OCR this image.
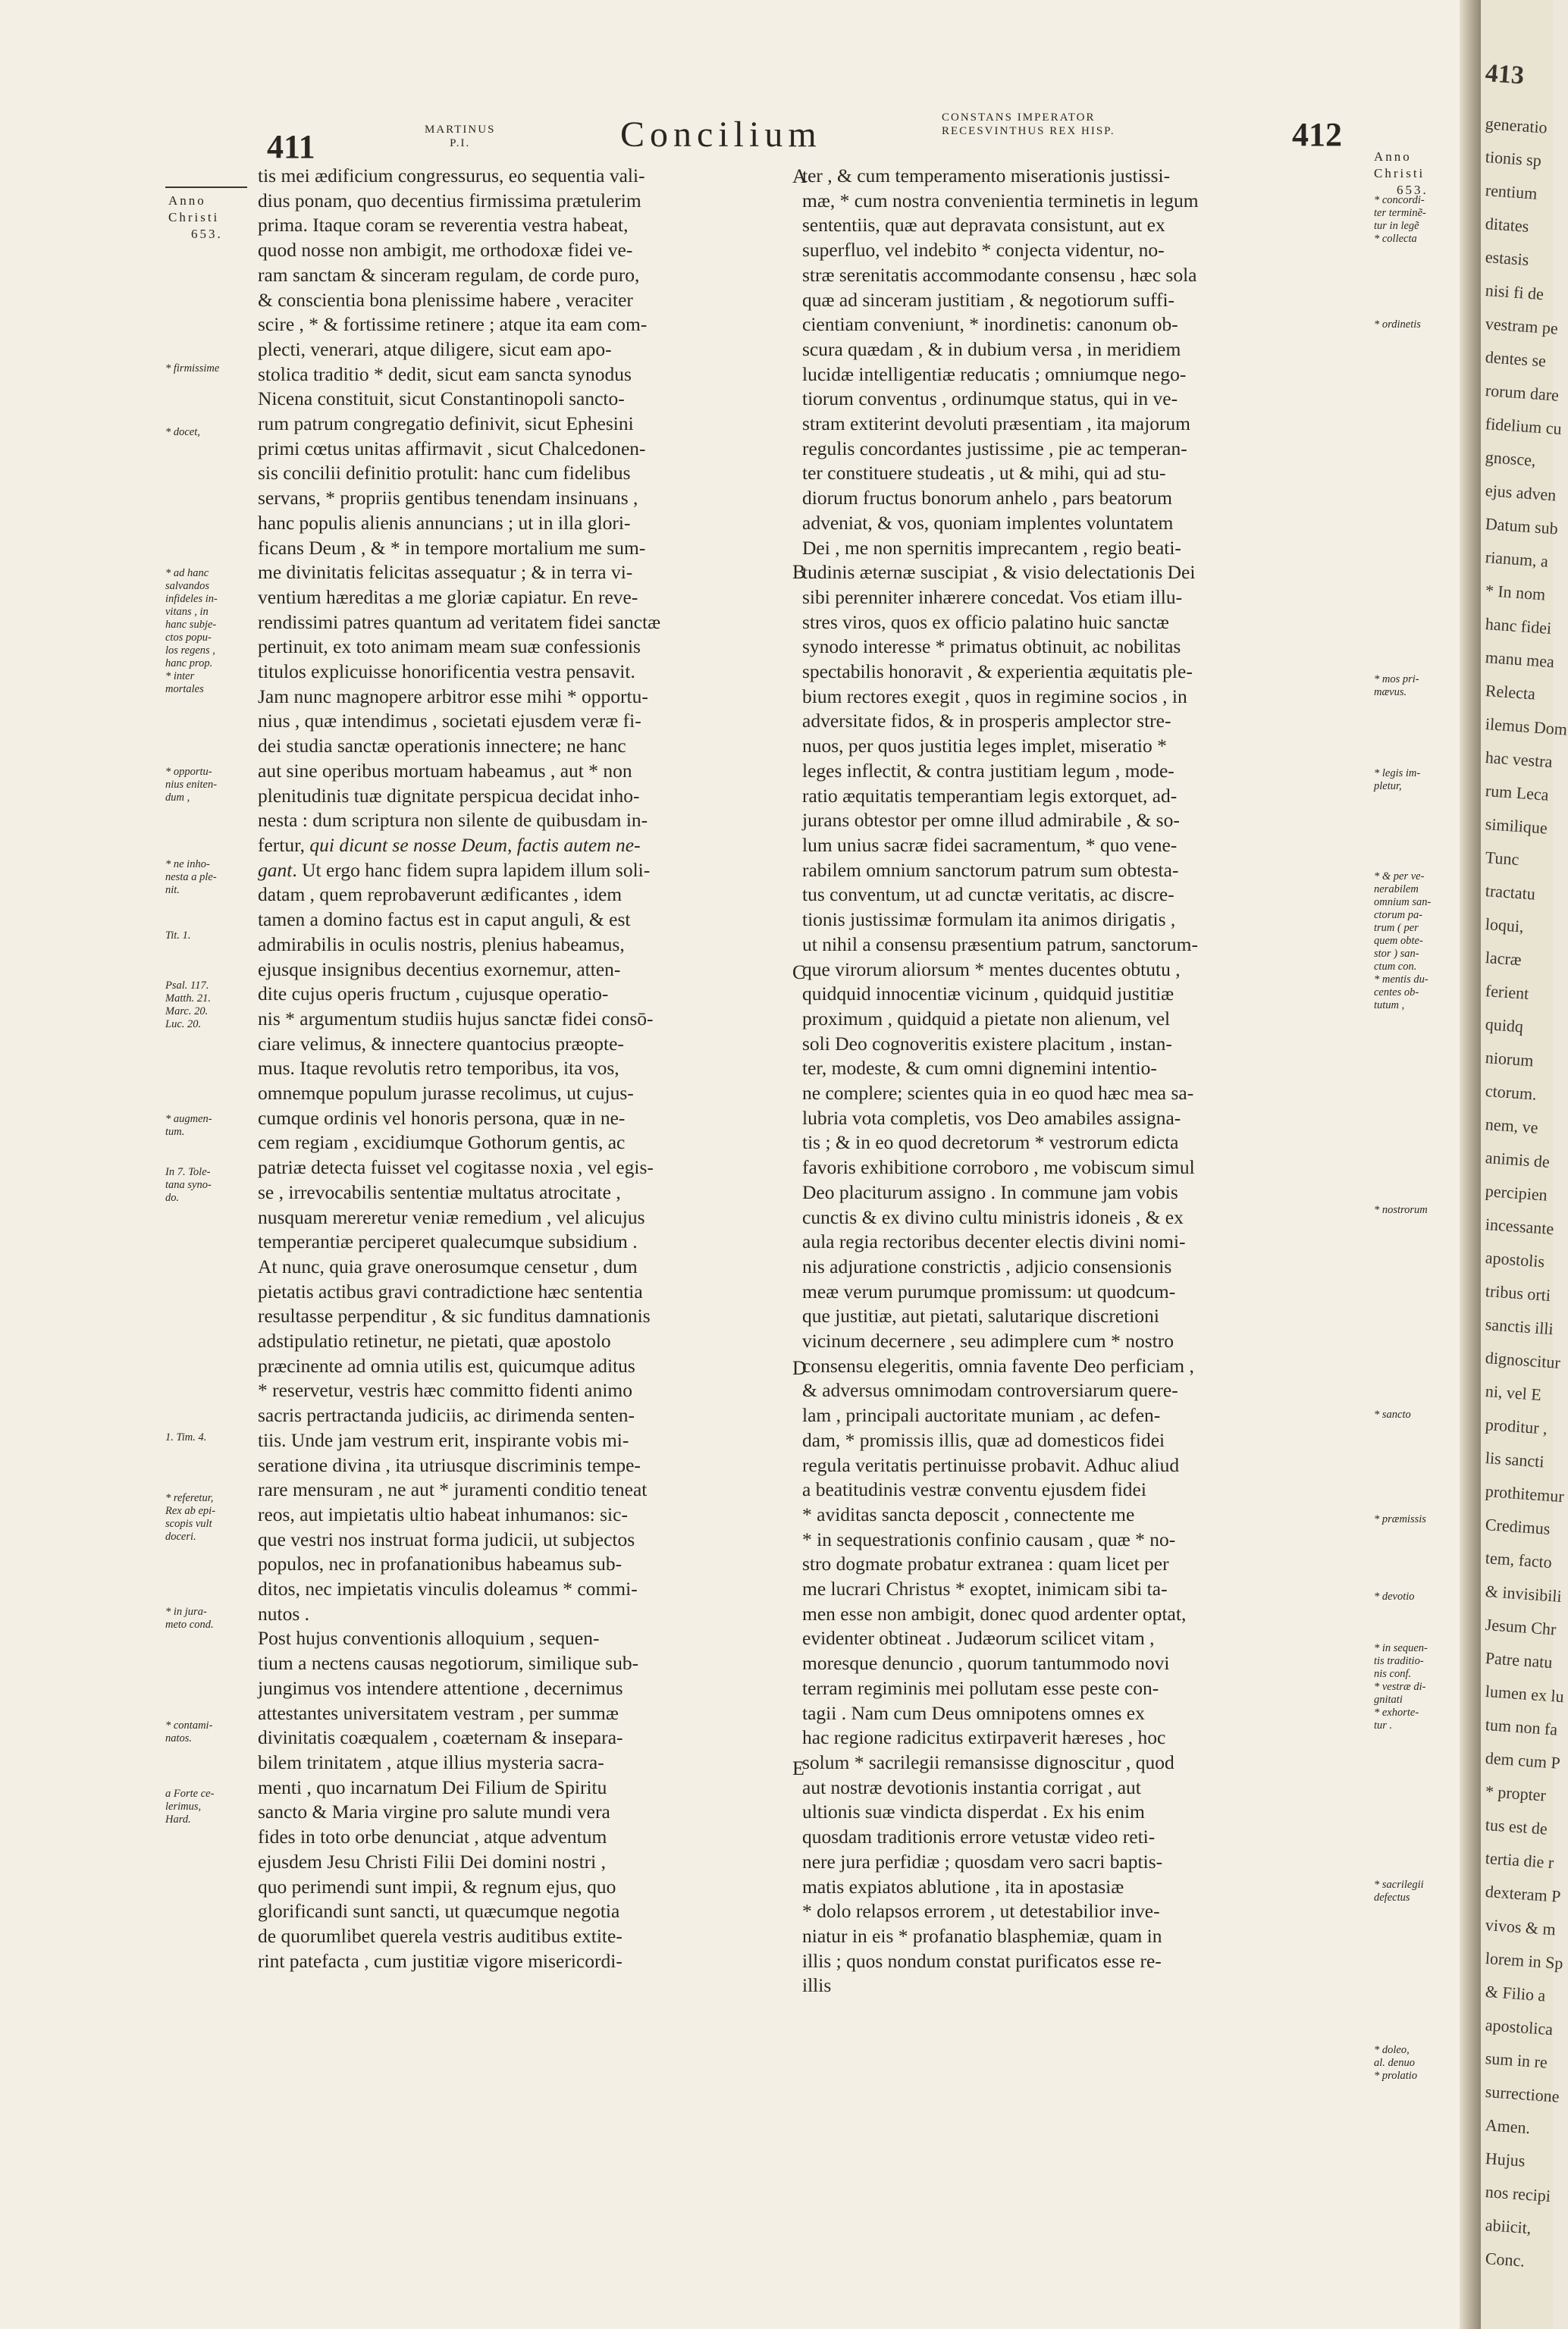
411	MARTINUS
P.I.	Concilium	CONSTANS IMPERATOR
RECESVINTHUS REX HISP.	412
Anno
Christi
653.
* firmissime
* docet,
* ad hanc
salvandos
infideles in-
vitans , in
hanc subje-
ctos popu-
los regens ,
hanc prop.
* inter
mortales
* opportu-
nius eniten-
dum ,
* ne inho-
nesta a ple-
nit.
Tit. 1.
Psal. 117.
Matth. 21.
Marc. 20.
Luc. 20.
* augmen-
tum.
In 7. Tole-
tana syno-
do.
1. Tim. 4.
* referetur,
Rex ab epi-
scopis vult
doceri.
* in jura-
meto cond.
* contami-
natos.
a Forte ce-
lerimus,
Hard.

tis mei ædificium congressurus, eo sequentia vali-

dius ponam, quo decentius firmissima prætulerim

prima. Itaque coram se reverentia vestra habeat,

quod nosse non ambigit, me orthodoxæ fidei ve-

ram sanctam & sinceram regulam, de corde puro,

& conscientia bona plenissime habere , veraciter

scire , * & fortissime retinere ; atque ita eam com-

plecti, venerari, atque diligere, sicut eam apo-

stolica traditio * dedit, sicut eam sancta synodus

Nicena constituit, sicut Constantinopoli sancto-

rum patrum congregatio definivit, sicut Ephesini

primi cœtus unitas affirmavit , sicut Chalcedonen-

sis concilii definitio protulit: hanc cum fidelibus

servans, * propriis gentibus tenendam insinuans ,

hanc populis alienis annuncians ; ut in illa glori-

ficans Deum , & * in tempore mortalium me sum-

me divinitatis felicitas assequatur ; & in terra vi-

ventium hæreditas a me gloriæ capiatur. En reve-

rendissimi patres quantum ad veritatem fidei sanctæ

pertinuit, ex toto animam meam suæ confessionis

titulos explicuisse honorificentia vestra pensavit.

Jam nunc magnopere arbitror esse mihi * opportu-

nius , quæ intendimus , societati ejusdem veræ fi-

dei studia sanctæ operationis innectere; ne hanc

aut sine operibus mortuam habeamus , aut * non

plenitudinis tuæ dignitate perspicua decidat inho-

nesta : dum scriptura non silente de quibusdam in-

fertur, qui dicunt se nosse Deum, factis autem ne-

gant. Ut ergo hanc fidem supra lapidem illum soli-

datam , quem reprobaverunt ædificantes , idem

tamen a domino factus est in caput anguli, & est

admirabilis in oculis nostris, plenius habeamus,

ejusque insignibus decentius exornemur, atten-

dite cujus operis fructum , cujusque operatio-

nis * argumentum studiis hujus sanctæ fidei consō-

ciare velimus, & innectere quantocius præopte-

mus. Itaque revolutis retro temporibus, ita vos,

omnemque populum jurasse recolimus, ut cujus-

cumque ordinis vel honoris persona, quæ in ne-

cem regiam , excidiumque Gothorum gentis, ac

patriæ detecta fuisset vel cogitasse noxia , vel egis-

se , irrevocabilis sententiæ multatus atrocitate ,

nusquam mereretur veniæ remedium , vel alicujus

temperantiæ perciperet qualecumque subsidium .

At nunc, quia grave onerosumque censetur , dum

pietatis actibus gravi contradictione hæc sententia

resultasse perpenditur , & sic funditus damnationis

adstipulatio retinetur, ne pietati, quæ apostolo

præcinente ad omnia utilis est, quicumque aditus

* reservetur, vestris hæc committo fidenti animo

sacris pertractanda judiciis, ac dirimenda senten-

tiis. Unde jam vestrum erit, inspirante vobis mi-

seratione divina , ita utriusque discriminis tempe-

rare mensuram , ne aut * juramenti conditio teneat

reos, aut impietatis ultio habeat inhumanos: sic-

que vestri nos instruat forma judicii, ut subjectos

populos, nec in profanationibus habeamus sub-

ditos, nec impietatis vinculis doleamus * commi-

nutos .

Post hujus conventionis alloquium , sequen-

tium a nectens causas negotiorum, similique sub-

jungimus vos intendere attentione , decernimus

attestantes universitatem vestram , per summæ

divinitatis coæqualem , coæternam & insepara-

bilem trinitatem , atque illius mysteria sacra-

menti , quo incarnatum Dei Filium de Spiritu

sancto & Maria virgine pro salute mundi vera

fides in toto orbe denunciat , atque adventum

ejusdem Jesu Christi Filii Dei domini nostri ,

quo perimendi sunt impii, & regnum ejus, quo

glorificandi sunt sancti, ut quæcumque negotia

de quorumlibet querela vestris auditibus extite-

rint patefacta , cum justitiæ vigore misericordi-

A
B
C
D
E

ter , & cum temperamento miserationis justissi-

mæ, * cum nostra convenientia terminetis in legum

sententiis, quæ aut depravata consistunt, aut ex

superfluo, vel indebito * conjecta videntur, no-

stræ serenitatis accommodante consensu , hæc sola

quæ ad sinceram justitiam , & negotiorum suffi-

cientiam conveniunt, * inordinetis: canonum ob-

scura quædam , & in dubium versa , in meridiem

lucidæ intelligentiæ reducatis ; omniumque nego-

tiorum conventus , ordinumque status, qui in ve-

stram extiterint devoluti præsentiam , ita majorum

regulis concordantes justissime , pie ac temperan-

ter constituere studeatis , ut & mihi, qui ad stu-

diorum fructus bonorum anhelo , pars beatorum

adveniat, & vos, quoniam implentes voluntatem

Dei , me non spernitis imprecantem , regio beati-

tudinis æternæ suscipiat , & visio delectationis Dei

sibi perenniter inhærere concedat. Vos etiam illu-

stres viros, quos ex officio palatino huic sanctæ

synodo interesse * primatus obtinuit, ac nobilitas

spectabilis honoravit , & experientia æquitatis ple-

bium rectores exegit , quos in regimine socios , in

adversitate fidos, & in prosperis amplector stre-

nuos, per quos justitia leges implet, miseratio *

leges inflectit, & contra justitiam legum , mode-

ratio æquitatis temperantiam legis extorquet, ad-

jurans obtestor per omne illud admirabile , & so-

lum unius sacræ fidei sacramentum, * quo vene-

rabilem omnium sanctorum patrum sum obtesta-

tus conventum, ut ad cunctæ veritatis, ac discre-

tionis justissimæ formulam ita animos dirigatis ,

ut nihil a consensu præsentium patrum, sanctorum-

que virorum aliorsum * mentes ducentes obtutu ,

quidquid innocentiæ vicinum , quidquid justitiæ

proximum , quidquid a pietate non alienum, vel

soli Deo cognoveritis existere placitum , instan-

ter, modeste, & cum omni dignemini intentio-

ne complere; scientes quia in eo quod hæc mea sa-

lubria vota completis, vos Deo amabiles assigna-

tis ; & in eo quod decretorum * vestrorum edicta

favoris exhibitione corroboro , me vobiscum simul

Deo placiturum assigno . In commune jam vobis

cunctis & ex divino cultu ministris idoneis , & ex

aula regia rectoribus decenter electis divini nomi-

nis adjuratione constrictis , adjicio consensionis

meæ verum purumque promissum: ut quodcum-

que justitiæ, aut pietati, salutarique discretioni

vicinum decernere , seu adimplere cum * nostro

consensu elegeritis, omnia favente Deo perficiam ,

& adversus omnimodam controversiarum quere-

lam , principali auctoritate muniam , ac defen-

dam, * promissis illis, quæ ad domesticos fidei

regula veritatis pertinuisse probavit. Adhuc aliud

a beatitudinis vestræ conventu ejusdem fidei

* aviditas sancta deposcit , connectente me

* in sequestrationis confinio causam , quæ * no-

stro dogmate probatur extranea : quam licet per

me lucrari Christus * exoptet, inimicam sibi ta-

men esse non ambigit, donec quod ardenter optat,

evidenter obtineat . Judæorum scilicet vitam ,

moresque denuncio , quorum tantummodo novi

terram regiminis mei pollutam esse peste con-

tagii . Nam cum Deus omnipotens omnes ex

hac regione radicitus extirpaverit hæreses , hoc

solum * sacrilegii remansisse dignoscitur , quod

aut nostræ devotionis instantia corrigat , aut

ultionis suæ vindicta disperdat . Ex his enim

quosdam traditionis errore vetustæ video reti-

nere jura perfidiæ ; quosdam vero sacri baptis-

matis expiatos ablutione , ita in apostasiæ

* dolo relapsos errorem , ut detestabilior inve-

niatur in eis * profanatio blasphemiæ, quam in

illis ; quos nondum constat purificatos esse re-

illis

Anno
Christi
653.
* concordi-
ter terminẽ-
tur in legẽ
* collecta
* ordinetis
* mos pri-
mævus.
* legis im-
pletur,
* & per ve-
nerabilem
omnium san-
ctorum pa-
trum ( per
quem obte-
stor ) san-
ctum con.
* mentis du-
centes ob-
tutum ,
* nostrorum
* sancto
* præmissis
* devotio
* in sequen-
tis traditio-
nis conf.
* vestræ di-
gnitati
* exhorte-
tur .
* sacrilegii
defectus
* doleo,
al. denuo
* prolatio
413
generatio
tionis sp
rentium
ditates
estasis
nisi fi de
vestram pe
dentes se
rorum dare
fidelium cu
gnosce,
ejus adven
Datum sub
rianum, a
* In nom
hanc fidei
manu mea
Relecta
ilemus Dom
hac vestra
rum Leca
similique
Tunc
tractatu
loqui,
lacræ
ferient
quidq
niorum
ctorum.
nem, ve
animis de
percipien
incessante
apostolis
tribus orti
sanctis illi
dignoscitur
ni, vel E
proditur ,
lis sancti
prothitemur
Credimus
tem, facto
& invisibili
Jesum Chr
Patre natu
lumen ex lu
tum non fa
dem cum P
* propter
tus est de
tertia die r
dexteram P
vivos & m
lorem in Sp
& Filio a
apostolica
sum in re
surrectione
Amen.
Hujus
nos recipi
abiicit,
Conc.
